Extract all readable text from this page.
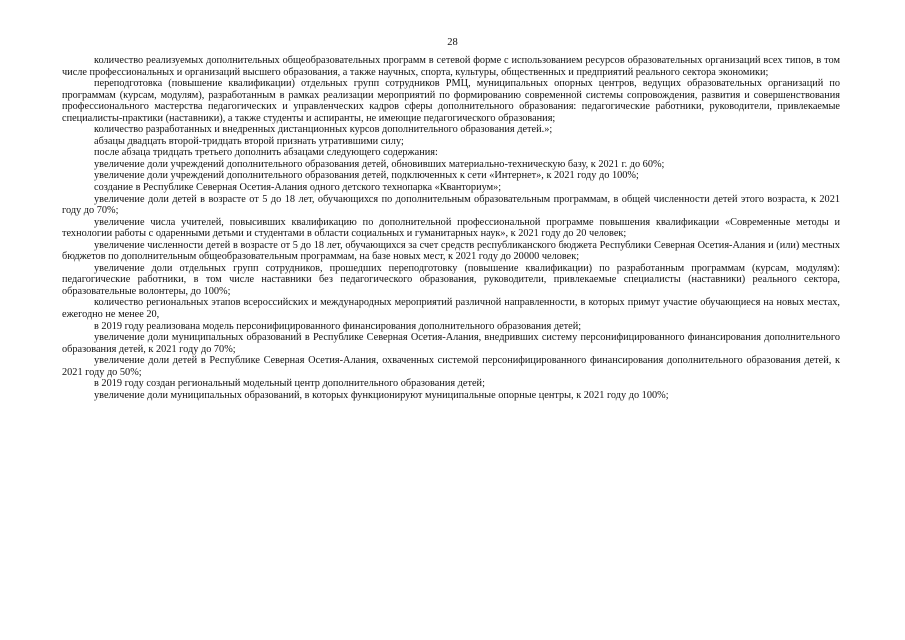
28

количество реализуемых дополнительных общеобразовательных программ в сетевой форме с использованием ресурсов образовательных организаций всех типов, в том числе профессиональных и организаций высшего образования, а также научных, спорта, культуры, общественных и предприятий реального сектора экономики;

переподготовка (повышение квалификации) отдельных групп сотрудников РМЦ, муниципальных опорных центров, ведущих образовательных организаций по программам (курсам, модулям), разработанным в рамках реализации мероприятий по формированию современной системы сопровождения, развития и совершенствования профессионального мастерства педагогических и управленческих кадров сферы дополнительного образования: педагогические работники, руководители, привлекаемые специалисты-практики (наставники), а также студенты и аспиранты, не имеющие педагогического образования;

количество разработанных и внедренных дистанционных курсов дополнительного образования детей.»;

абзацы двадцать второй-тридцать второй признать утратившими силу;

после абзаца тридцать третьего дополнить абзацами следующего содержания:

увеличение доли учреждений дополнительного образования детей, обновивших материально-техническую базу, к 2021 г. до 60%;

увеличение доли учреждений дополнительного образования детей, подключенных к сети «Интернет», к 2021 году до 100%;

создание в Республике Северная Осетия-Алания одного детского технопарка «Кванториум»;

увеличение доли детей в возрасте от 5 до 18 лет, обучающихся по дополнительным образовательным программам, в общей численности детей этого возраста, к 2021 году до 70%;

увеличение числа учителей, повысивших квалификацию по дополнительной профессиональной программе повышения квалификации «Современные методы и технологии работы с одаренными детьми и студентами в области социальных и гуманитарных наук», к 2021 году до 20 человек;

увеличение численности детей в возрасте от 5 до 18 лет, обучающихся за счет средств республиканского бюджета Республики Северная Осетия-Алания и (или) местных бюджетов по дополнительным общеобразовательным программам, на базе новых мест, к 2021 году до 20000 человек;

увеличение доли отдельных групп сотрудников, прошедших переподготовку (повышение квалификации) по разработанным программам (курсам, модулям): педагогические работники, в том числе наставники без педагогического образования, руководители, привлекаемые специалисты (наставники) реального сектора, образовательные волонтеры, до 100%;

количество региональных этапов всероссийских и международных мероприятий различной направленности, в которых примут участие обучающиеся на новых местах, ежегодно не менее 20,

в 2019 году реализована модель персонифицированного финансирования дополнительного образования детей;

увеличение доли муниципальных образований в Республике Северная Осетия-Алания, внедривших систему персонифицированного финансирования дополнительного образования детей, к 2021 году до 70%;

увеличение доли детей в Республике Северная Осетия-Алания, охваченных системой персонифицированного финансирования дополнительного образования детей, к 2021 году до 50%;

в 2019 году создан региональный модельный центр дополнительного образования детей;

увеличение доли муниципальных образований, в которых функционируют муниципальные опорные центры, к 2021 году до 100%;
